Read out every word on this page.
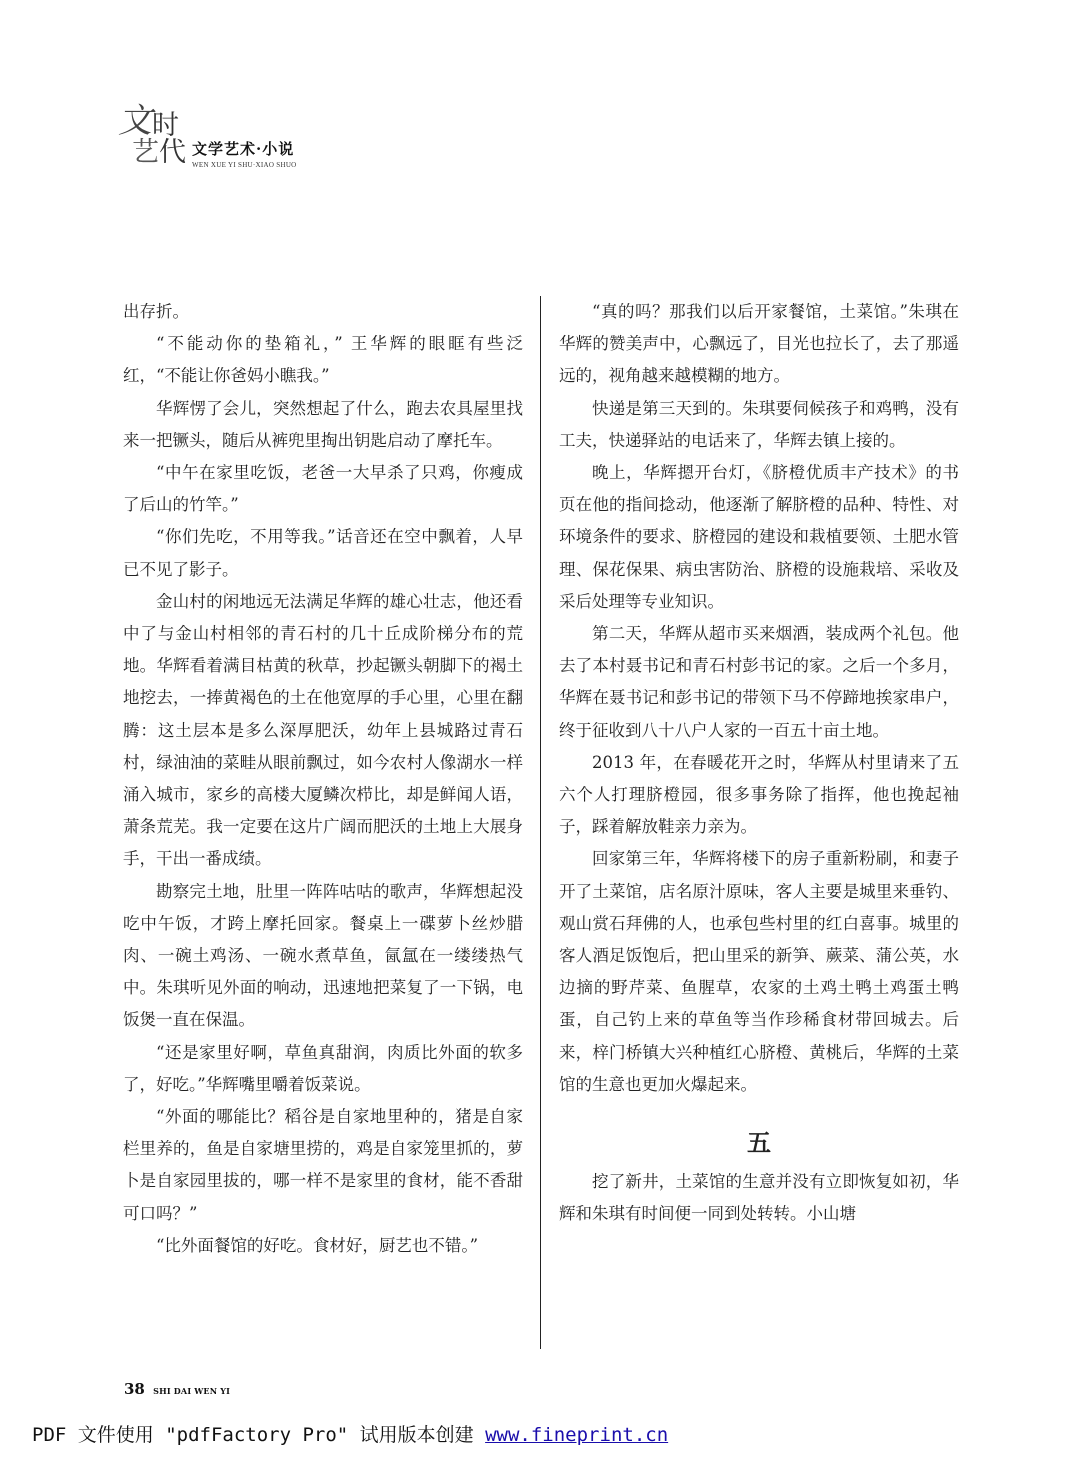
文 时
艺 代 文学艺术·小说
WEN XUE YI SHU·XIAO SHUO

出存折。

“不能动你的垫箱礼，” 王华辉的眼眶有些泛红，“不能让你爸妈小瞧我。”

华辉愣了会儿，突然想起了什么，跑去农具屋里找来一把镢头，随后从裤兜里掏出钥匙启动了摩托车。

“中午在家里吃饭，老爸一大早杀了只鸡，你瘦成了后山的竹竿。”

“你们先吃，不用等我。”话音还在空中飘着，人早已不见了影子。

金山村的闲地远无法满足华辉的雄心壮志，他还看中了与金山村相邻的青石村的几十丘成阶梯分布的荒地。华辉看着满目枯黄的秋草，抄起镢头朝脚下的褐土地挖去，一捧黄褐色的土在他宽厚的手心里，心里在翻腾：这土层本是多么深厚肥沃，幼年上县城路过青石村，绿油油的菜畦从眼前飘过，如今农村人像湖水一样涌入城市，家乡的高楼大厦鳞次栉比，却是鲜闻人语，萧条荒芜。我一定要在这片广阔而肥沃的土地上大展身手，干出一番成绩。

勘察完土地，肚里一阵阵咕咕的歌声，华辉想起没吃中午饭，才跨上摩托回家。餐桌上一碟萝卜丝炒腊肉、一碗土鸡汤、一碗水煮草鱼，氤氲在一缕缕热气中。朱琪听见外面的响动，迅速地把菜复了一下锅，电饭煲一直在保温。

“还是家里好啊，草鱼真甜润，肉质比外面的软多了，好吃。”华辉嘴里嚼着饭菜说。

“外面的哪能比？稻谷是自家地里种的，猪是自家栏里养的，鱼是自家塘里捞的，鸡是自家笼里抓的，萝卜是自家园里拔的，哪一样不是家里的食材，能不香甜可口吗？”

“比外面餐馆的好吃。食材好，厨艺也不错。”

“真的吗？那我们以后开家餐馆，土菜馆。”朱琪在华辉的赞美声中，心飘远了，目光也拉长了，去了那遥远的，视角越来越模糊的地方。

快递是第三天到的。朱琪要伺候孩子和鸡鸭，没有工夫，快递驿站的电话来了，华辉去镇上接的。

晚上，华辉摁开台灯，《脐橙优质丰产技术》的书页在他的指间捻动，他逐渐了解脐橙的品种、特性、对环境条件的要求、脐橙园的建设和栽植要领、土肥水管理、保花保果、病虫害防治、脐橙的设施栽培、采收及采后处理等专业知识。

第二天，华辉从超市买来烟酒，装成两个礼包。他去了本村聂书记和青石村彭书记的家。之后一个多月，华辉在聂书记和彭书记的带领下马不停蹄地挨家串户，终于征收到八十八户人家的一百五十亩土地。

2013 年，在春暖花开之时，华辉从村里请来了五六个人打理脐橙园，很多事务除了指挥，他也挽起袖子，踩着解放鞋亲力亲为。

回家第三年，华辉将楼下的房子重新粉刷，和妻子开了土菜馆，店名原汁原味，客人主要是城里来垂钓、观山赏石拜佛的人，也承包些村里的红白喜事。城里的客人酒足饭饱后，把山里采的新笋、蕨菜、蒲公英，水边摘的野芹菜、鱼腥草，农家的土鸡土鸭土鸡蛋土鸭蛋，自己钓上来的草鱼等当作珍稀食材带回城去。后来，梓门桥镇大兴种植红心脐橙、黄桃后，华辉的土菜馆的生意也更加火爆起来。

五

挖了新井，土菜馆的生意并没有立即恢复如初，华辉和朱琪有时间便一同到处转转。小山塘

38 SHI DAI WEN YI
PDF 文件使用 "pdfFactory Pro" 试用版本创建 www.fineprint.cn
